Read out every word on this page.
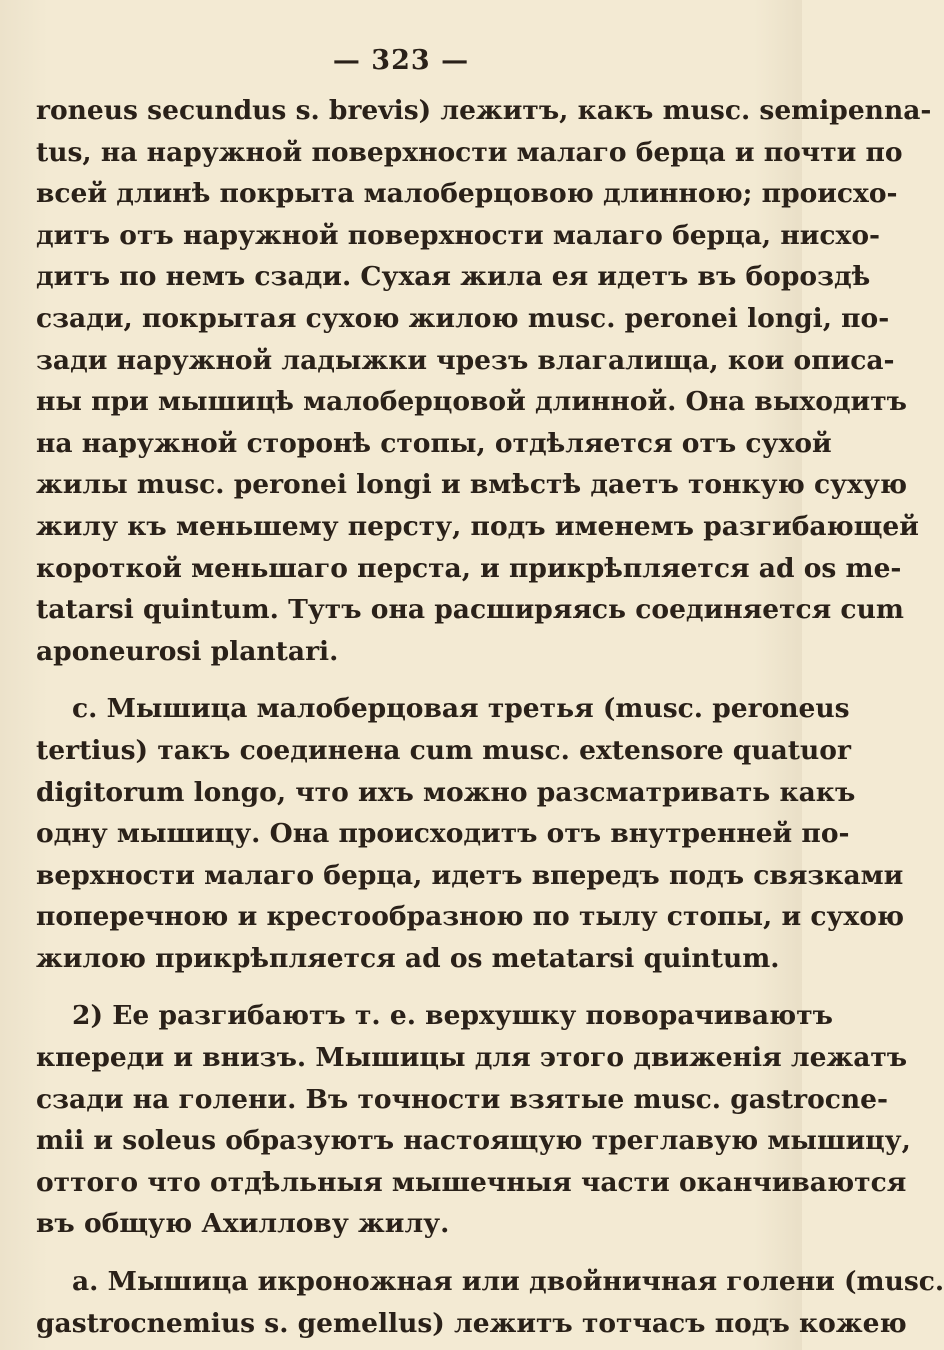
— 323 —
roneus secundus s. brevis) лежитъ, какъ musc. semipenna-
tus, на наружной поверхности малаго берца и почти по
всей длинѣ покрыта малоберцовою длинною; происхо-
дитъ отъ наружной поверхности малаго берца, нисхо-
дитъ по немъ сзади. Сухая жила ея идетъ въ бороздѣ
сзади, покрытая сухою жилою musc. peronei longi, по-
зади наружной ладыжки чрезъ влагалища, кои описа-
ны при мышицѣ малоберцовой длинной. Она выходитъ
на наружной сторонѣ стопы, отдѣляется отъ сухой
жилы musc. peronei longi и вмѣстѣ даетъ тонкую сухую
жилу къ меньшему персту, подъ именемъ разгибающей
короткой меньшаго перста, и прикрѣпляется ad os me-
tatarsi quintum. Тутъ она расширяясь соединяется cum
aponeurosi plantari.
c. Мышица малоберцовая третья (musc. peroneus
tertius) такъ соединена cum musc. extensore quatuor
digitorum longo, что ихъ можно разсматривать какъ
одну мышицу. Она происходитъ отъ внутренней по-
верхности малаго берца, идетъ впередъ подъ связками
поперечною и крестообразною по тылу стопы, и сухою
жилою прикрѣпляется ad os metatarsi quintum.
2) Ее разгибаютъ т. е. верхушку поворачиваютъ
кпереди и внизъ. Мышицы для этого движенія лежатъ
сзади на голени. Въ точности взятые musc. gastrocne-
mii и soleus образуютъ настоящую треглавую мышицу,
оттого что отдѣльныя мышечныя части оканчиваются
въ общую Ахиллову жилу.
a. Мышица икроножная или двойничная голени (musc.
gastrocnemius s. gemellus) лежитъ тотчасъ подъ кожею
